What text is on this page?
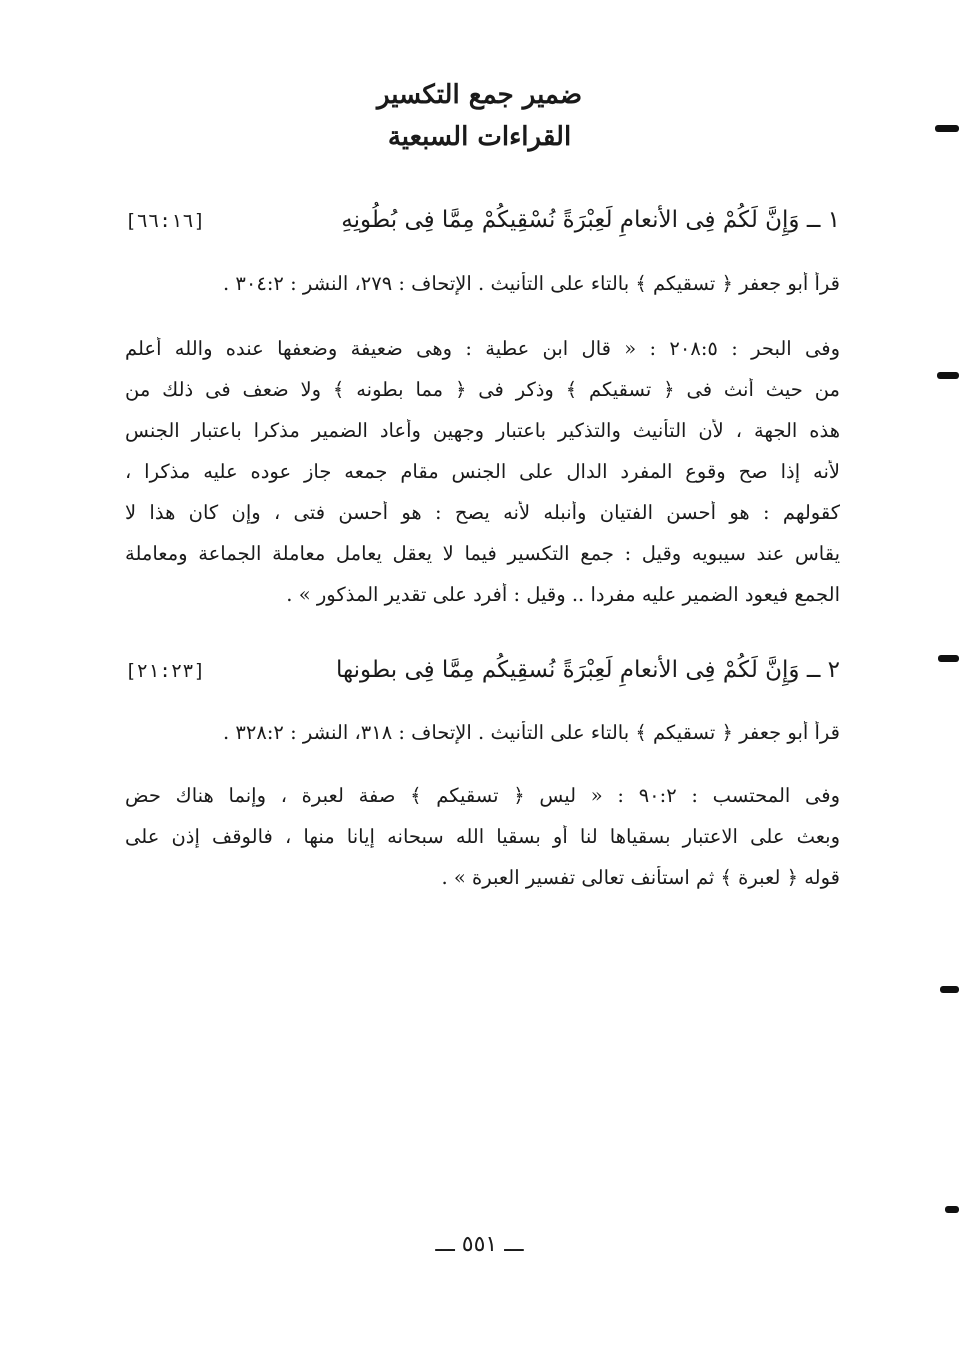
ضمير جمع التكسير
القراءات السبعية
١ ــ وَإِنَّ لَكُمْ فِى الأنعامِ لَعِبْرَةً نُسْقِيكُمْ مِمَّا فِى بُطُونِهِ
[٦٦:١٦]
قرأ أبو جعفر ﴿ تسقيكم ﴾ بالتاء على التأنيث . الإتحاف : ٢٧٩، النشر : ٣٠٤:٢ .
وفى البحر : ٢٠٨:٥ : « قال ابن عطية : وهى ضعيفة وضعفها عنده والله أعلم
من حيث أنث فى ﴿ تسقيكم ﴾ وذكر فى ﴿ مما بطونه ﴾ ولا ضعف فى ذلك من
هذه الجهة ، لأن التأنيث والتذكير باعتبار وجهين وأعاد الضمير مذكرا باعتبار الجنس
لأنه إذا صح وقوع المفرد الدال على الجنس مقام جمعه جاز عوده عليه مذكرا ،
كقولهم : هو أحسن الفتيان وأنبله لأنه يصح : هو أحسن فتى ، وإن كان هذا لا
يقاس عند سيبويه وقيل : جمع التكسير فيما لا يعقل يعامل معاملة الجماعة ومعاملة
الجمع فيعود الضمير عليه مفردا .. وقيل : أفرد على تقدير المذكور » .
٢ ــ وَإِنَّ لَكُمْ فِى الأنعامِ لَعِبْرَةً نُسقِيكُم مِمَّا فِى بطونها
[٢١:٢٣]
قرأ أبو جعفر ﴿ تسقيكم ﴾ بالتاء على التأنيث . الإتحاف : ٣١٨، النشر : ٣٢٨:٢ .
وفى المحتسب : ٩٠:٢ : « ليس ﴿ تسقيكم ﴾ صفة لعبرة ، وإنما هناك حض
وبعث على الاعتبار بسقياها لنا أو بسقيا الله سبحانه إيانا منها ، فالوقف إذن على
قوله ﴿ لعبرة ﴾ ثم استأنف تعالى تفسير العبرة » .
ـــ ٥٥١ ـــ
